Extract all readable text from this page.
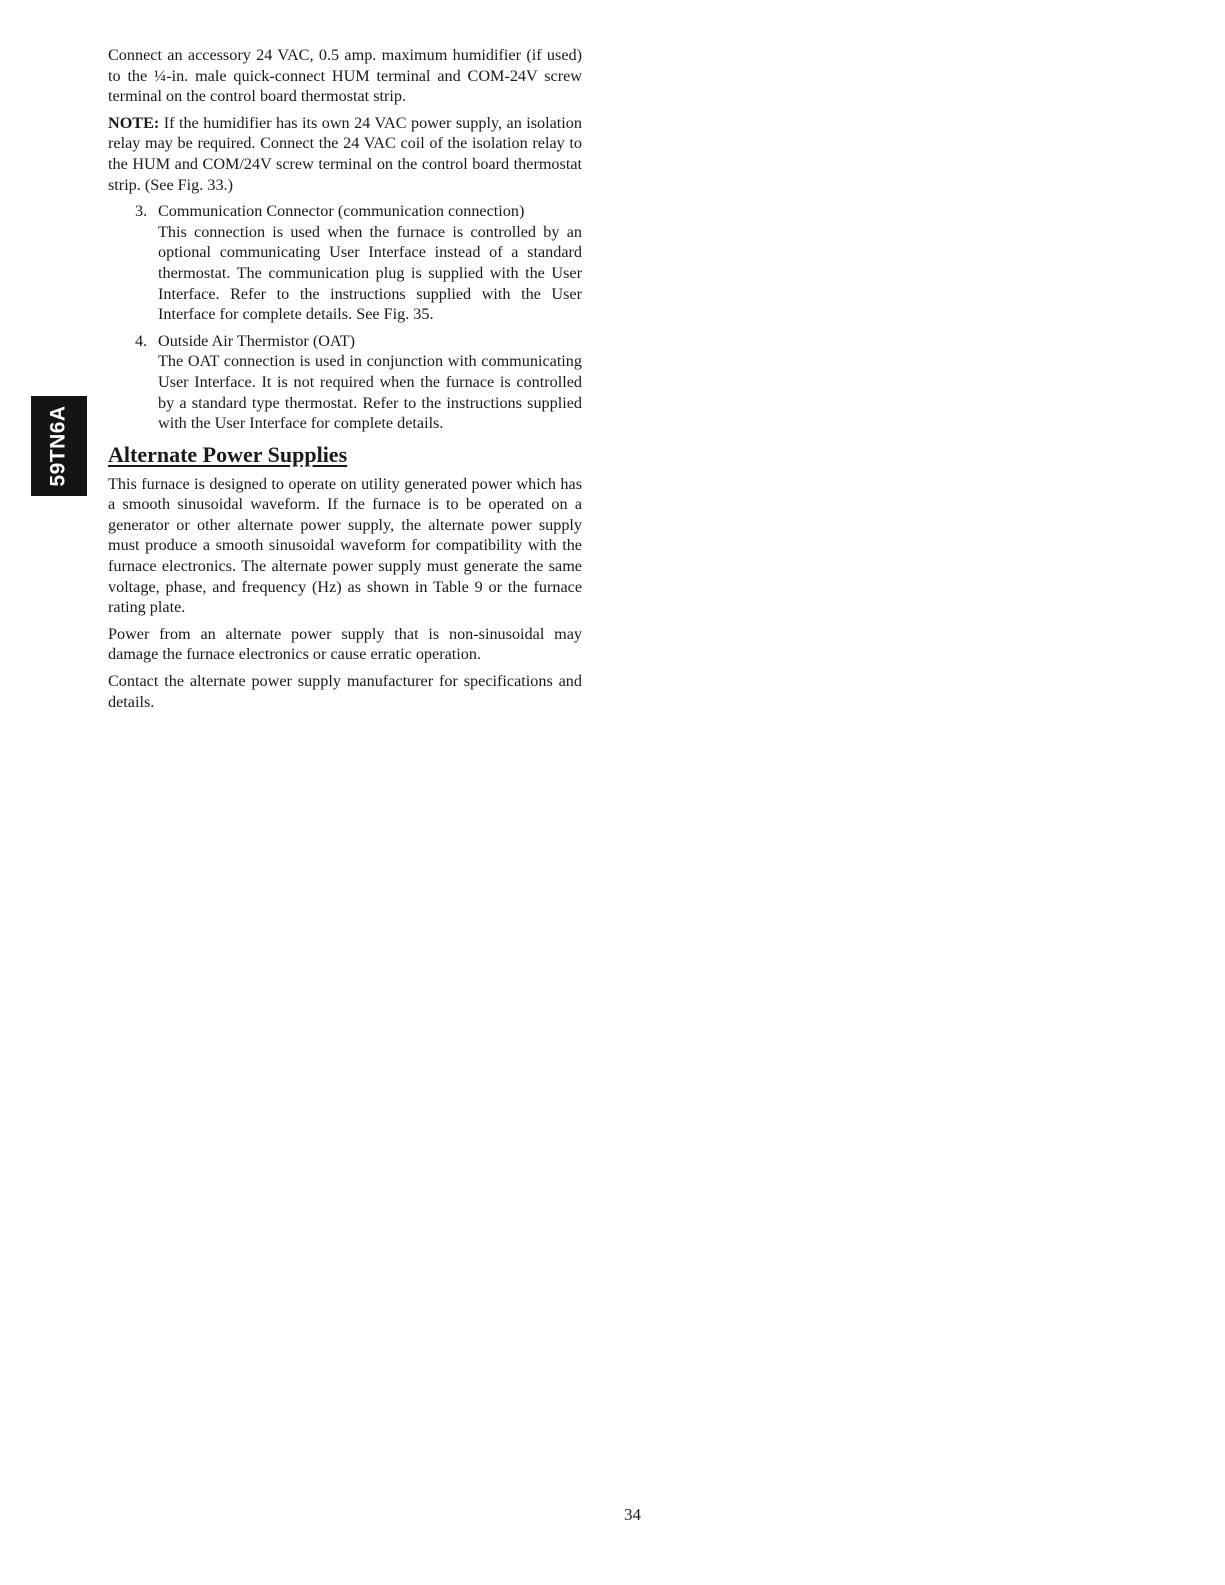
59TN6A

Connect an accessory 24 VAC, 0.5 amp. maximum humidifier (if used) to the ¼-in. male quick-connect HUM terminal and COM-24V screw terminal on the control board thermostat strip.

NOTE: If the humidifier has its own 24 VAC power supply, an isolation relay may be required. Connect the 24 VAC coil of the isolation relay to the HUM and COM/24V screw terminal on the control board thermostat strip. (See Fig. 33.)

3. Communication Connector (communication connection)
This connection is used when the furnace is controlled by an optional communicating User Interface instead of a standard thermostat. The communication plug is supplied with the User Interface. Refer to the instructions supplied with the User Interface for complete details. See Fig. 35.
4. Outside Air Thermistor (OAT)
The OAT connection is used in conjunction with communicating User Interface. It is not required when the furnace is controlled by a standard type thermostat. Refer to the instructions supplied with the User Interface for complete details.
Alternate Power Supplies

This furnace is designed to operate on utility generated power which has a smooth sinusoidal waveform. If the furnace is to be operated on a generator or other alternate power supply, the alternate power supply must produce a smooth sinusoidal waveform for compatibility with the furnace electronics. The alternate power supply must generate the same voltage, phase, and frequency (Hz) as shown in Table 9 or the furnace rating plate.

Power from an alternate power supply that is non-sinusoidal may damage the furnace electronics or cause erratic operation.

Contact the alternate power supply manufacturer for specifications and details.

34
